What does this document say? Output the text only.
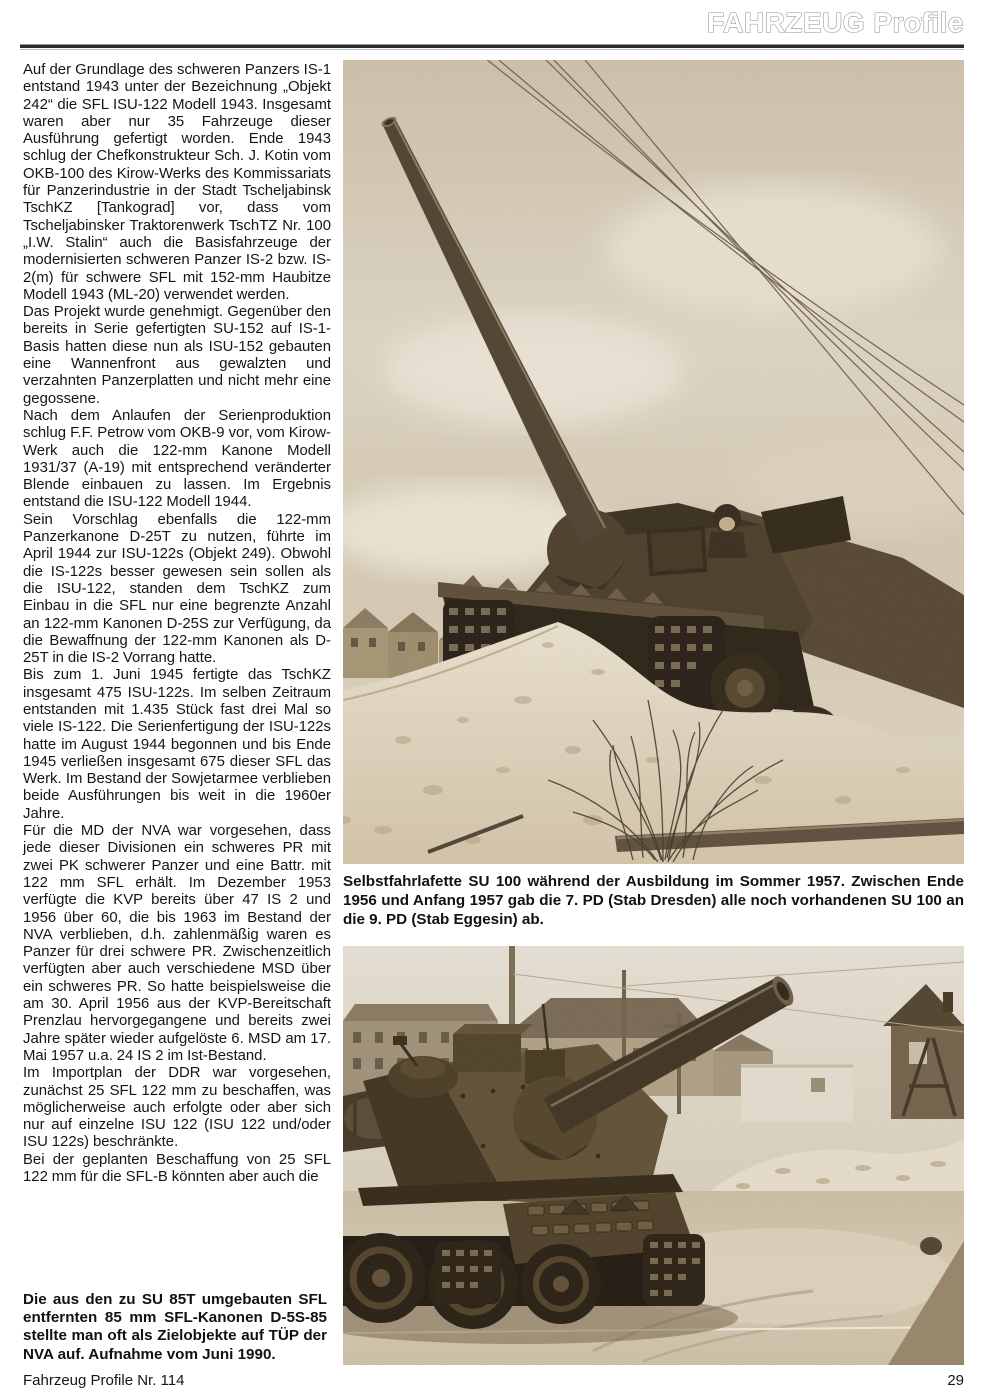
FAHRZEUG Profile

Auf der Grundlage des schweren Panzers IS-1 entstand 1943 unter der Bezeichnung „Objekt 242“ die SFL ISU-122 Modell 1943. Insgesamt waren aber nur 35 Fahrzeuge dieser Ausführung gefertigt worden. Ende 1943 schlug der Chefkonstrukteur Sch. J. Kotin vom OKB-100 des Kirow-Werks des Kommissariats für Panzerindustrie in der Stadt Tscheljabinsk TschKZ [Tankograd] vor, dass vom Tscheljabinsker Traktorenwerk TschTZ Nr. 100 „I.W. Stalin“ auch die Basisfahrzeuge der modernisierten schweren Panzer IS-2 bzw. IS-2(m) für schwere SFL mit 152-mm Haubitze Modell 1943 (ML-20) verwendet werden.

Das Projekt wurde genehmigt. Gegenüber den bereits in Serie gefertigten SU-152 auf IS-1-Basis hatten diese nun als ISU-152 gebauten eine Wannenfront aus gewalzten und verzahnten Panzerplatten und nicht mehr eine gegossene.

Nach dem Anlaufen der Serienproduktion schlug F.F. Petrow vom OKB-9 vor, vom Kirow-Werk auch die 122-mm Kanone Modell 1931/37 (A-19) mit entsprechend veränderter Blende einbauen zu lassen. Im Ergebnis entstand die ISU-122 Modell 1944.

Sein Vorschlag ebenfalls die 122-mm Panzerkanone D-25T zu nutzen, führte im April 1944 zur ISU-122s (Objekt 249). Obwohl die IS-122s besser gewesen sein sollen als die ISU-122, standen dem TschKZ zum Einbau in die SFL nur eine begrenzte Anzahl an 122-mm Kanonen D-25S zur Verfügung, da die Bewaffnung der 122-mm Kanonen als D-25T in die IS-2 Vorrang hatte.

Bis zum 1. Juni 1945 fertigte das TschKZ insgesamt 475 ISU-122s. Im selben Zeitraum entstanden mit 1.435 Stück fast drei Mal so viele IS-122. Die Serienfertigung der ISU-122s hatte im August 1944 begonnen und bis Ende 1945 verließen insgesamt 675 dieser SFL das Werk. Im Bestand der Sowjetarmee verblieben beide Ausführungen bis weit in die 1960er Jahre.

Für die MD der NVA war vorgesehen, dass jede dieser Divisionen ein schweres PR mit zwei PK schwerer Panzer und eine Battr. mit 122 mm SFL erhält. Im Dezember 1953 verfügte die KVP bereits über 47 IS 2 und 1956 über 60, die bis 1963 im Bestand der NVA verblieben, d.h. zahlenmäßig waren es Panzer für drei schwere PR. Zwischenzeitlich verfügten aber auch verschiedene MSD über ein schweres PR. So hatte beispielsweise die am 30. April 1956 aus der KVP-Bereitschaft Prenzlau hervorgegangene und bereits zwei Jahre später wieder aufgelöste 6. MSD am 17. Mai 1957 u.a. 24 IS 2 im Ist-Bestand.

Im Importplan der DDR war vorgesehen, zunächst 25 SFL 122 mm zu beschaffen, was möglicherweise auch erfolgte oder aber sich nur auf einzelne ISU 122 (ISU 122 und/oder ISU 122s) beschränkte.

Bei der geplanten Beschaffung von 25 SFL 122 mm für die SFL-B könnten aber auch die

Selbstfahrlafette SU 100 während der Ausbildung im Sommer 1957. Zwischen Ende 1956 und Anfang 1957 gab die 7. PD (Stab Dresden) alle noch vorhandenen SU 100 an die 9. PD (Stab Eggesin) ab.
Die aus den zu SU 85T umgebauten SFL entfernten 85 mm SFL-Kanonen D-5S-85 stellte man oft als Zielobjekte auf TÜP der NVA auf. Aufnahme vom Juni 1990.
Fahrzeug Profile Nr. 114	29
